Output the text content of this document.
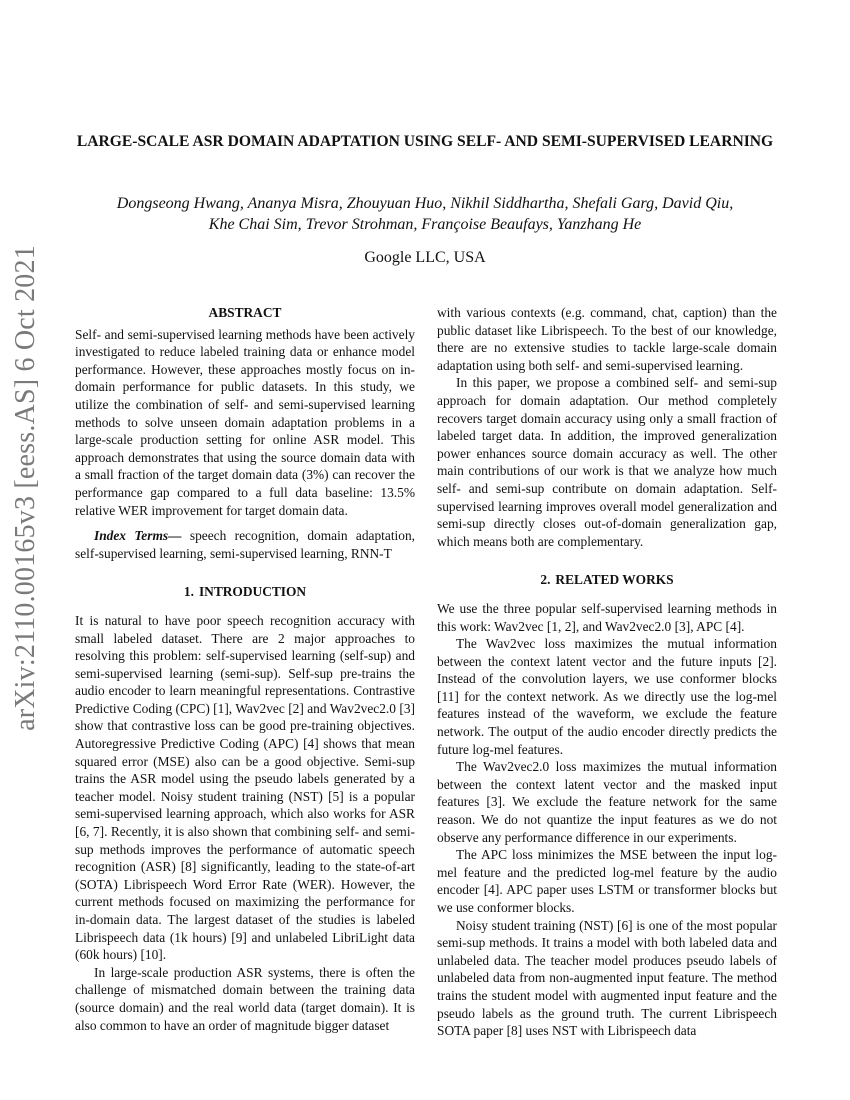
arXiv:2110.00165v3 [eess.AS] 6 Oct 2021
LARGE-SCALE ASR DOMAIN ADAPTATION USING SELF- AND SEMI-SUPERVISED LEARNING
Dongseong Hwang, Ananya Misra, Zhouyuan Huo, Nikhil Siddhartha, Shefali Garg, David Qiu,
Khe Chai Sim, Trevor Strohman, Françoise Beaufays, Yanzhang He
Google LLC, USA
ABSTRACT

Self- and semi-supervised learning methods have been actively investigated to reduce labeled training data or enhance model performance. However, these approaches mostly focus on in-domain performance for public datasets. In this study, we utilize the combination of self- and semi-supervised learning methods to solve unseen domain adaptation problems in a large-scale production setting for online ASR model. This approach demonstrates that using the source domain data with a small fraction of the target domain data (3%) can recover the performance gap compared to a full data baseline: 13.5% relative WER improvement for target domain data.

Index Terms— speech recognition, domain adaptation, self-supervised learning, semi-supervised learning, RNN-T

1. INTRODUCTION

It is natural to have poor speech recognition accuracy with small labeled dataset. There are 2 major approaches to resolving this problem: self-supervised learning (self-sup) and semi-supervised learning (semi-sup). Self-sup pre-trains the audio encoder to learn meaningful representations. Contrastive Predictive Coding (CPC) [1], Wav2vec [2] and Wav2vec2.0 [3] show that contrastive loss can be good pre-training objectives. Autoregressive Predictive Coding (APC) [4] shows that mean squared error (MSE) also can be a good objective. Semi-sup trains the ASR model using the pseudo labels generated by a teacher model. Noisy student training (NST) [5] is a popular semi-supervised learning approach, which also works for ASR [6, 7]. Recently, it is also shown that combining self- and semi-sup methods improves the performance of automatic speech recognition (ASR) [8] significantly, leading to the state-of-art (SOTA) Librispeech Word Error Rate (WER). However, the current methods focused on maximizing the performance for in-domain data. The largest dataset of the studies is labeled Librispeech data (1k hours) [9] and unlabeled LibriLight data (60k hours) [10].

In large-scale production ASR systems, there is often the challenge of mismatched domain between the training data (source domain) and the real world data (target domain). It is also common to have an order of magnitude bigger dataset

with various contexts (e.g. command, chat, caption) than the public dataset like Librispeech. To the best of our knowledge, there are no extensive studies to tackle large-scale domain adaptation using both self- and semi-supervised learning.

In this paper, we propose a combined self- and semi-sup approach for domain adaptation. Our method completely recovers target domain accuracy using only a small fraction of labeled target data. In addition, the improved generalization power enhances source domain accuracy as well. The other main contributions of our work is that we analyze how much self- and semi-sup contribute on domain adaptation. Self-supervised learning improves overall model generalization and semi-sup directly closes out-of-domain generalization gap, which means both are complementary.

2. RELATED WORKS

We use the three popular self-supervised learning methods in this work: Wav2vec [1, 2], and Wav2vec2.0 [3], APC [4].

The Wav2vec loss maximizes the mutual information between the context latent vector and the future inputs [2]. Instead of the convolution layers, we use conformer blocks [11] for the context network. As we directly use the log-mel features instead of the waveform, we exclude the feature network. The output of the audio encoder directly predicts the future log-mel features.

The Wav2vec2.0 loss maximizes the mutual information between the context latent vector and the masked input features [3]. We exclude the feature network for the same reason. We do not quantize the input features as we do not observe any performance difference in our experiments.

The APC loss minimizes the MSE between the input log-mel feature and the predicted log-mel feature by the audio encoder [4]. APC paper uses LSTM or transformer blocks but we use conformer blocks.

Noisy student training (NST) [6] is one of the most popular semi-sup methods. It trains a model with both labeled data and unlabeled data. The teacher model produces pseudo labels of unlabeled data from non-augmented input feature. The method trains the student model with augmented input feature and the pseudo labels as the ground truth. The current Librispeech SOTA paper [8] uses NST with Librispeech data
